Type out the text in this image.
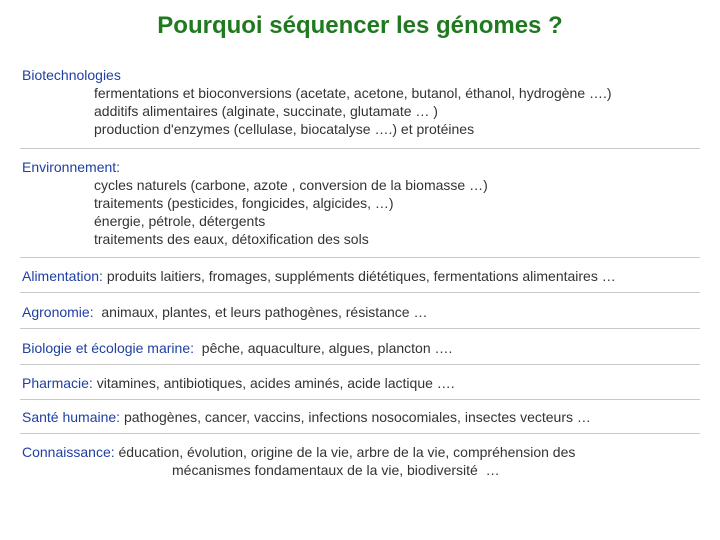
Pourquoi séquencer les génomes ?
Biotechnologies
fermentations et bioconversions (acetate, acetone, butanol, éthanol, hydrogène ….)
additifs alimentaires (alginate, succinate, glutamate … )
production d'enzymes (cellulase, biocatalyse ….) et protéines
Environnement:
cycles naturels (carbone, azote , conversion de la biomasse …)
traitements (pesticides, fongicides, algicides, …)
énergie, pétrole, détergents
traitements des eaux, détoxification des sols
Alimentation: produits laitiers, fromages, suppléments diététiques, fermentations alimentaires …
Agronomie:  animaux, plantes, et leurs pathogènes, résistance …
Biologie et écologie marine:  pêche, aquaculture, algues, plancton ….
Pharmacie: vitamines, antibiotiques, acides aminés, acide lactique ….
Santé humaine: pathogènes, cancer, vaccins, infections nosocomiales, insectes vecteurs …
Connaissance: éducation, évolution, origine de la vie, arbre de la vie, compréhension des
mécanismes fondamentaux de la vie, biodiversité  …
